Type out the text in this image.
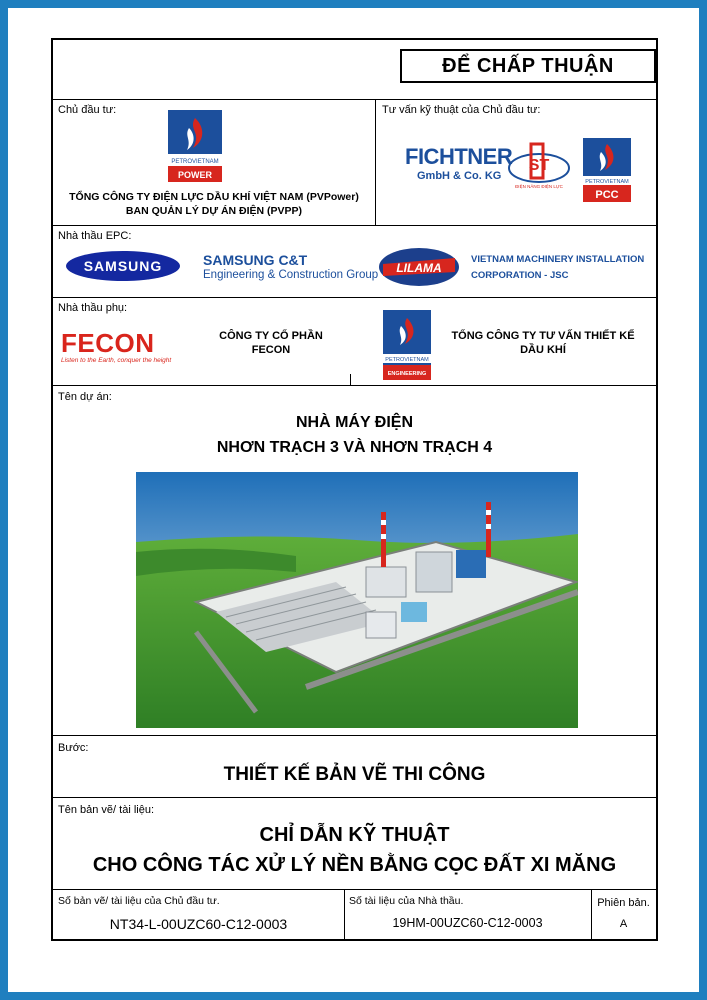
ĐỂ CHẤP THUẬN
Chủ đầu tư:
PETROVIETNAM
POWER
TỔNG CÔNG TY ĐIỆN LỰC DẦU KHÍ VIỆT NAM (PVPower)
BAN QUẢN LÝ DỰ ÁN ĐIỆN (PVPP)
Tư vấn kỹ thuật của Chủ đầu tư:
FICHTNER
GmbH & Co. KG
ST
ĐIỆN NĂNG ĐIỆN LỰC
PETROVIETNAM
PCC
Nhà thầu EPC:
SAMSUNG	SAMSUNG C&T
Engineering & Construction Group LILAMA
VIETNAM MACHINERY INSTALLATION
CORPORATION - JSC
Nhà thầu phụ:
FECON
Listen to the Earth, conquer the height
CÔNG TY CỔ PHẦN
FECON
PETROVIETNAM
ENGINEERING
TỔNG CÔNG TY TƯ VẤN THIẾT KẾ
DẦU KHÍ
Tên dự án:
NHÀ MÁY ĐIỆN
NHƠN TRẠCH 3 VÀ NHƠN TRẠCH 4
Bước:
THIẾT KẾ BẢN VẼ THI CÔNG
Tên bản vẽ/ tài liệu:
CHỈ DẪN KỸ THUẬT
CHO CÔNG TÁC XỬ LÝ NỀN BẰNG CỌC ĐẤT XI MĂNG
Số bản vẽ/ tài liệu của Chủ đầu tư.
NT34-L-00UZC60-C12-0003
Số tài liệu của Nhà thầu.
19HM-00UZC60-C12-0003
Phiên bản.
A
